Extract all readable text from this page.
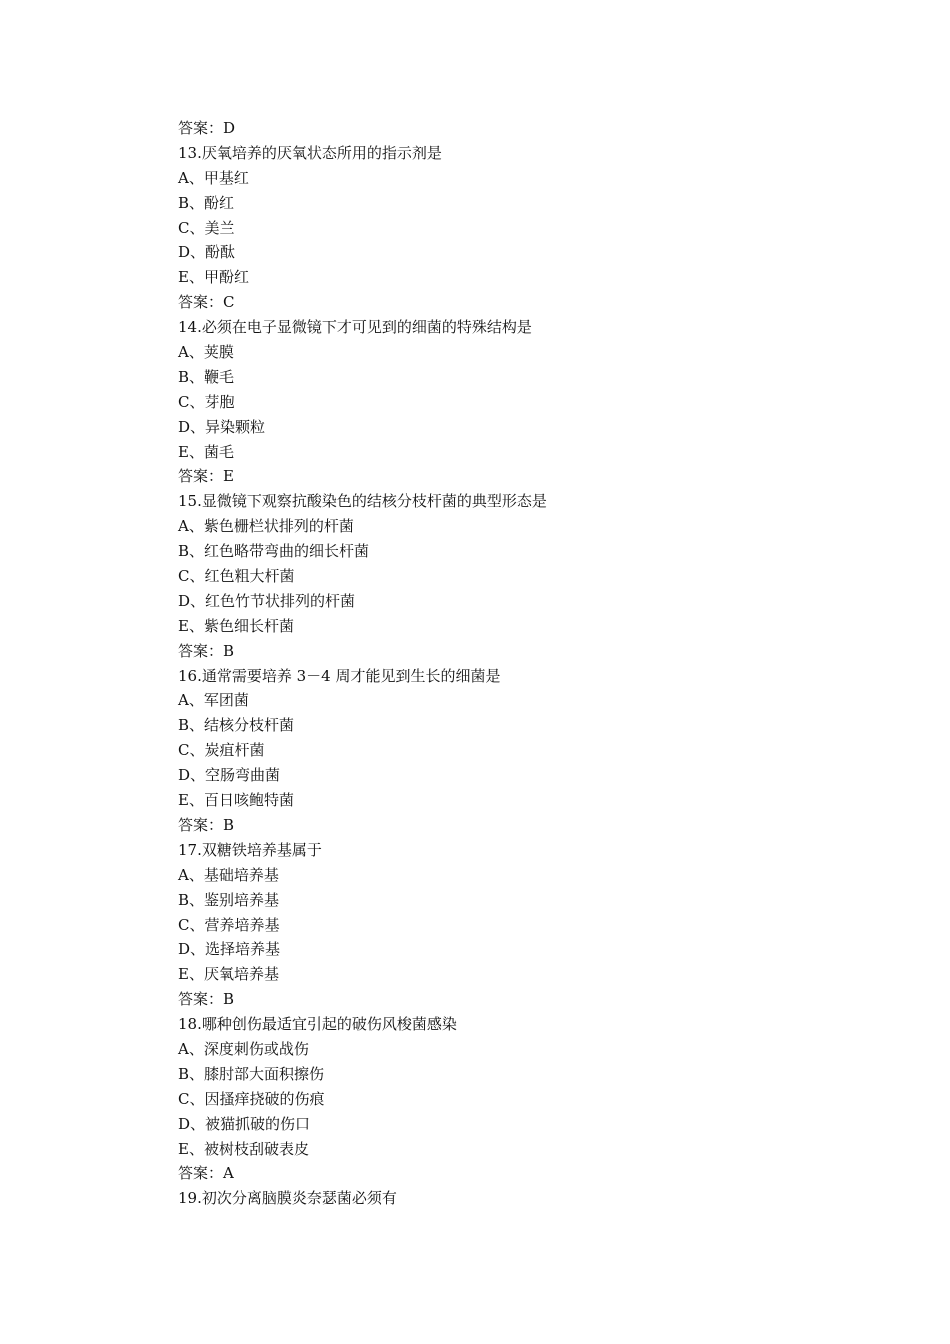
答案：D
13.厌氧培养的厌氧状态所用的指示剂是
A、甲基红
B、酚红
C、美兰
D、酚酞
E、甲酚红
答案：C
14.必须在电子显微镜下才可见到的细菌的特殊结构是
A、荚膜
B、鞭毛
C、芽胞
D、异染颗粒
E、菌毛
答案：E
15.显微镜下观察抗酸染色的结核分枝杆菌的典型形态是
A、紫色栅栏状排列的杆菌
B、红色略带弯曲的细长杆菌
C、红色粗大杆菌
D、红色竹节状排列的杆菌
E、紫色细长杆菌
答案：B
16.通常需要培养 3－4 周才能见到生长的细菌是
A、军团菌
B、结核分枝杆菌
C、炭疽杆菌
D、空肠弯曲菌
E、百日咳鲍特菌
答案：B
17.双糖铁培养基属于
A、基础培养基
B、鉴别培养基
C、营养培养基
D、选择培养基
E、厌氧培养基
答案：B
18.哪种创伤最适宜引起的破伤风梭菌感染
A、深度刺伤或战伤
B、膝肘部大面积擦伤
C、因搔痒挠破的伤痕
D、被猫抓破的伤口
E、被树枝刮破表皮
答案：A
19.初次分离脑膜炎奈瑟菌必须有
